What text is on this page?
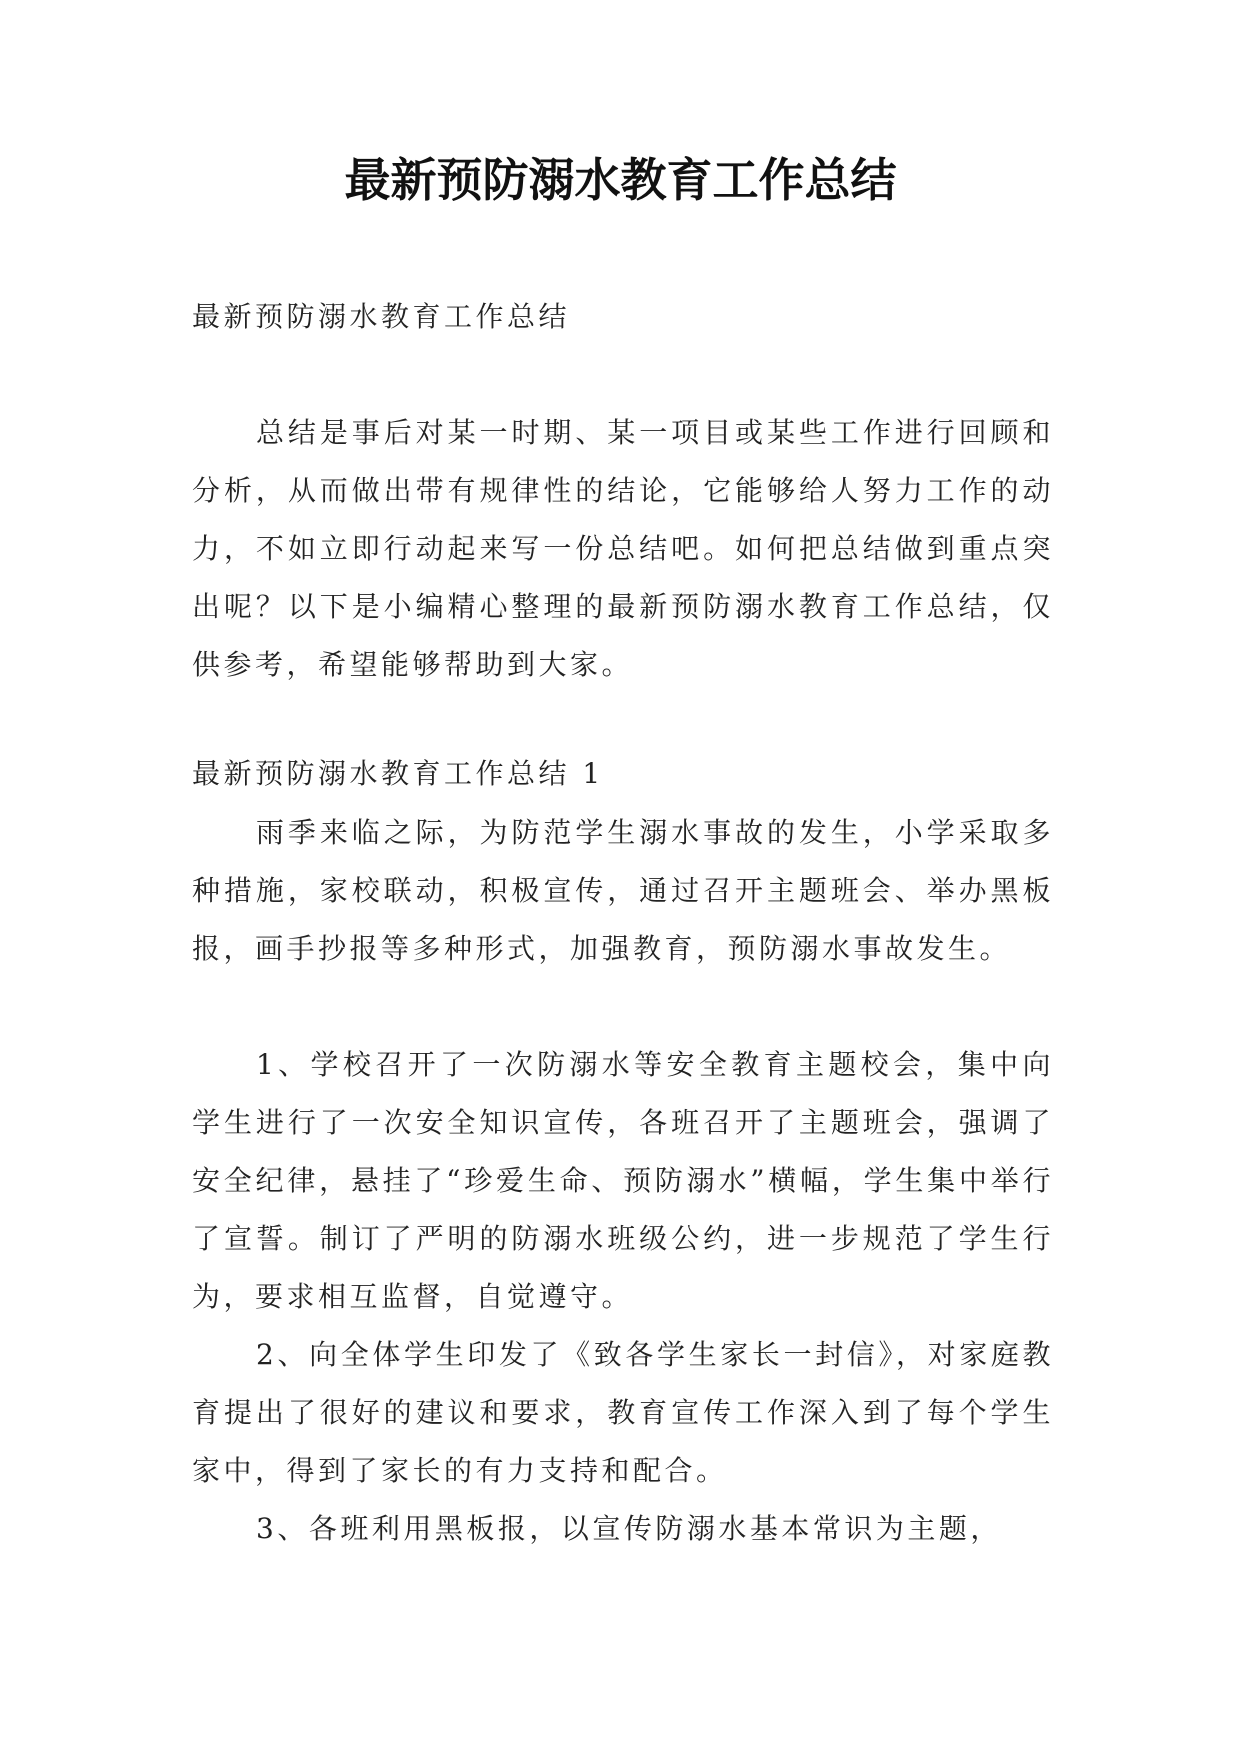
最新预防溺水教育工作总结

最新预防溺水教育工作总结

总结是事后对某一时期、某一项目或某些工作进行回顾和分析，从而做出带有规律性的结论，它能够给人努力工作的动力，不如立即行动起来写一份总结吧。如何把总结做到重点突出呢？以下是小编精心整理的最新预防溺水教育工作总结，仅供参考，希望能够帮助到大家。

最新预防溺水教育工作总结 1

雨季来临之际，为防范学生溺水事故的发生，小学采取多种措施，家校联动，积极宣传，通过召开主题班会、举办黑板报，画手抄报等多种形式，加强教育，预防溺水事故发生。

1、学校召开了一次防溺水等安全教育主题校会，集中向学生进行了一次安全知识宣传，各班召开了主题班会，强调了安全纪律，悬挂了“珍爱生命、预防溺水”横幅，学生集中举行了宣誓。制订了严明的防溺水班级公约，进一步规范了学生行为，要求相互监督，自觉遵守。

2、向全体学生印发了《致各学生家长一封信》，对家庭教育提出了很好的建议和要求，教育宣传工作深入到了每个学生家中，得到了家长的有力支持和配合。

3、各班利用黑板报，以宣传防溺水基本常识为主题，
